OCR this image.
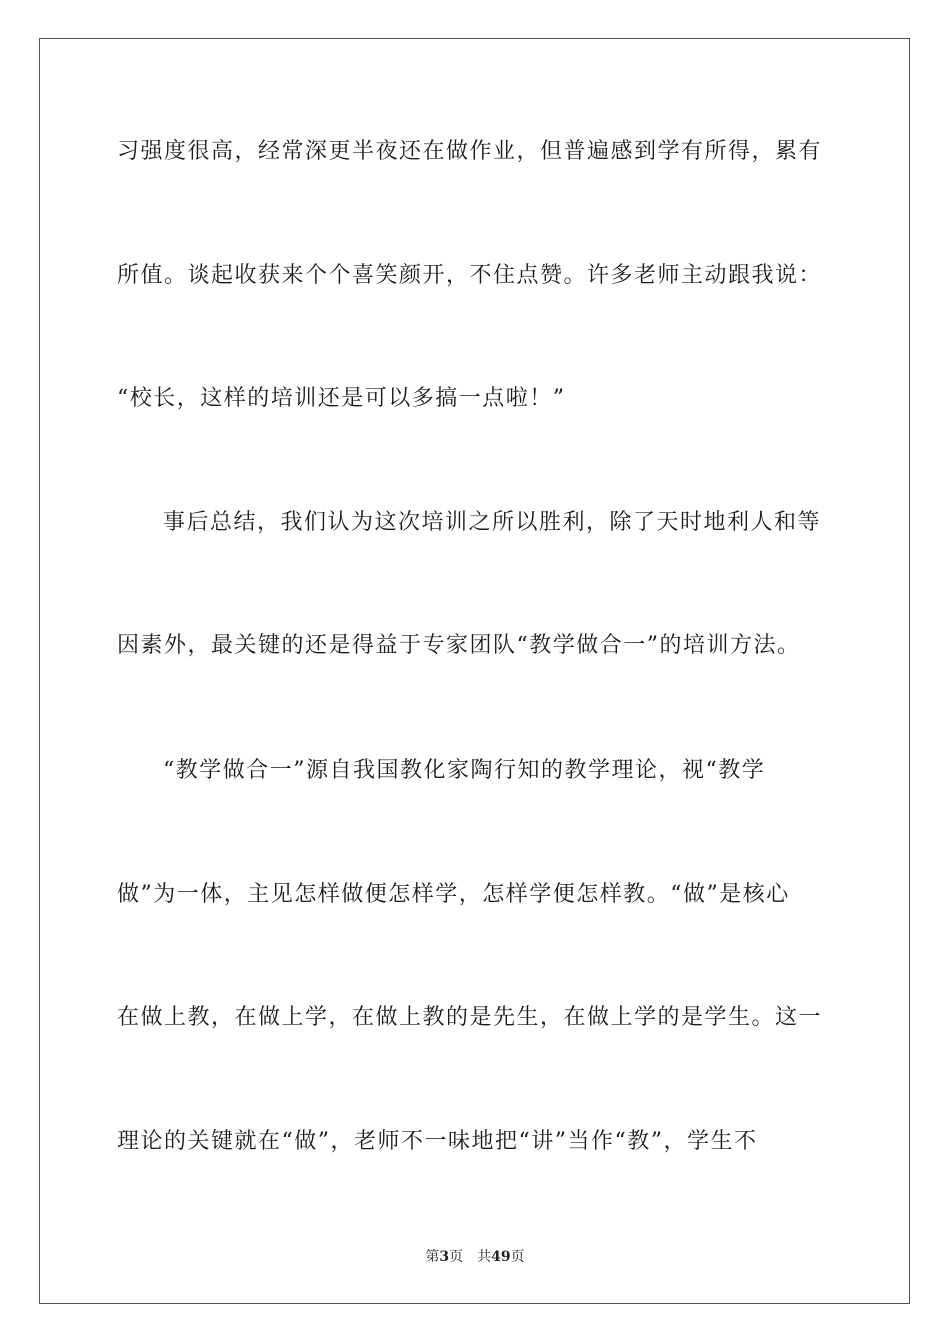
习强度很高，经常深更半夜还在做作业，但普遍感到学有所得，累有
所值。谈起收获来个个喜笑颜开，不住点赞。许多老师主动跟我说：
“校长，这样的培训还是可以多搞一点啦！”
事后总结，我们认为这次培训之所以胜利，除了天时地利人和等
因素外，最关键的还是得益于专家团队“教学做合一”的培训方法。
“教学做合一”源自我国教化家陶行知的教学理论，视“教学
做”为一体，主见怎样做便怎样学，怎样学便怎样教。“做”是核心
在做上教，在做上学，在做上教的是先生，在做上学的是学生。这一
理论的关键就在“做”，老师不一味地把“讲”当作“教”，学生不
第3页 共49页
